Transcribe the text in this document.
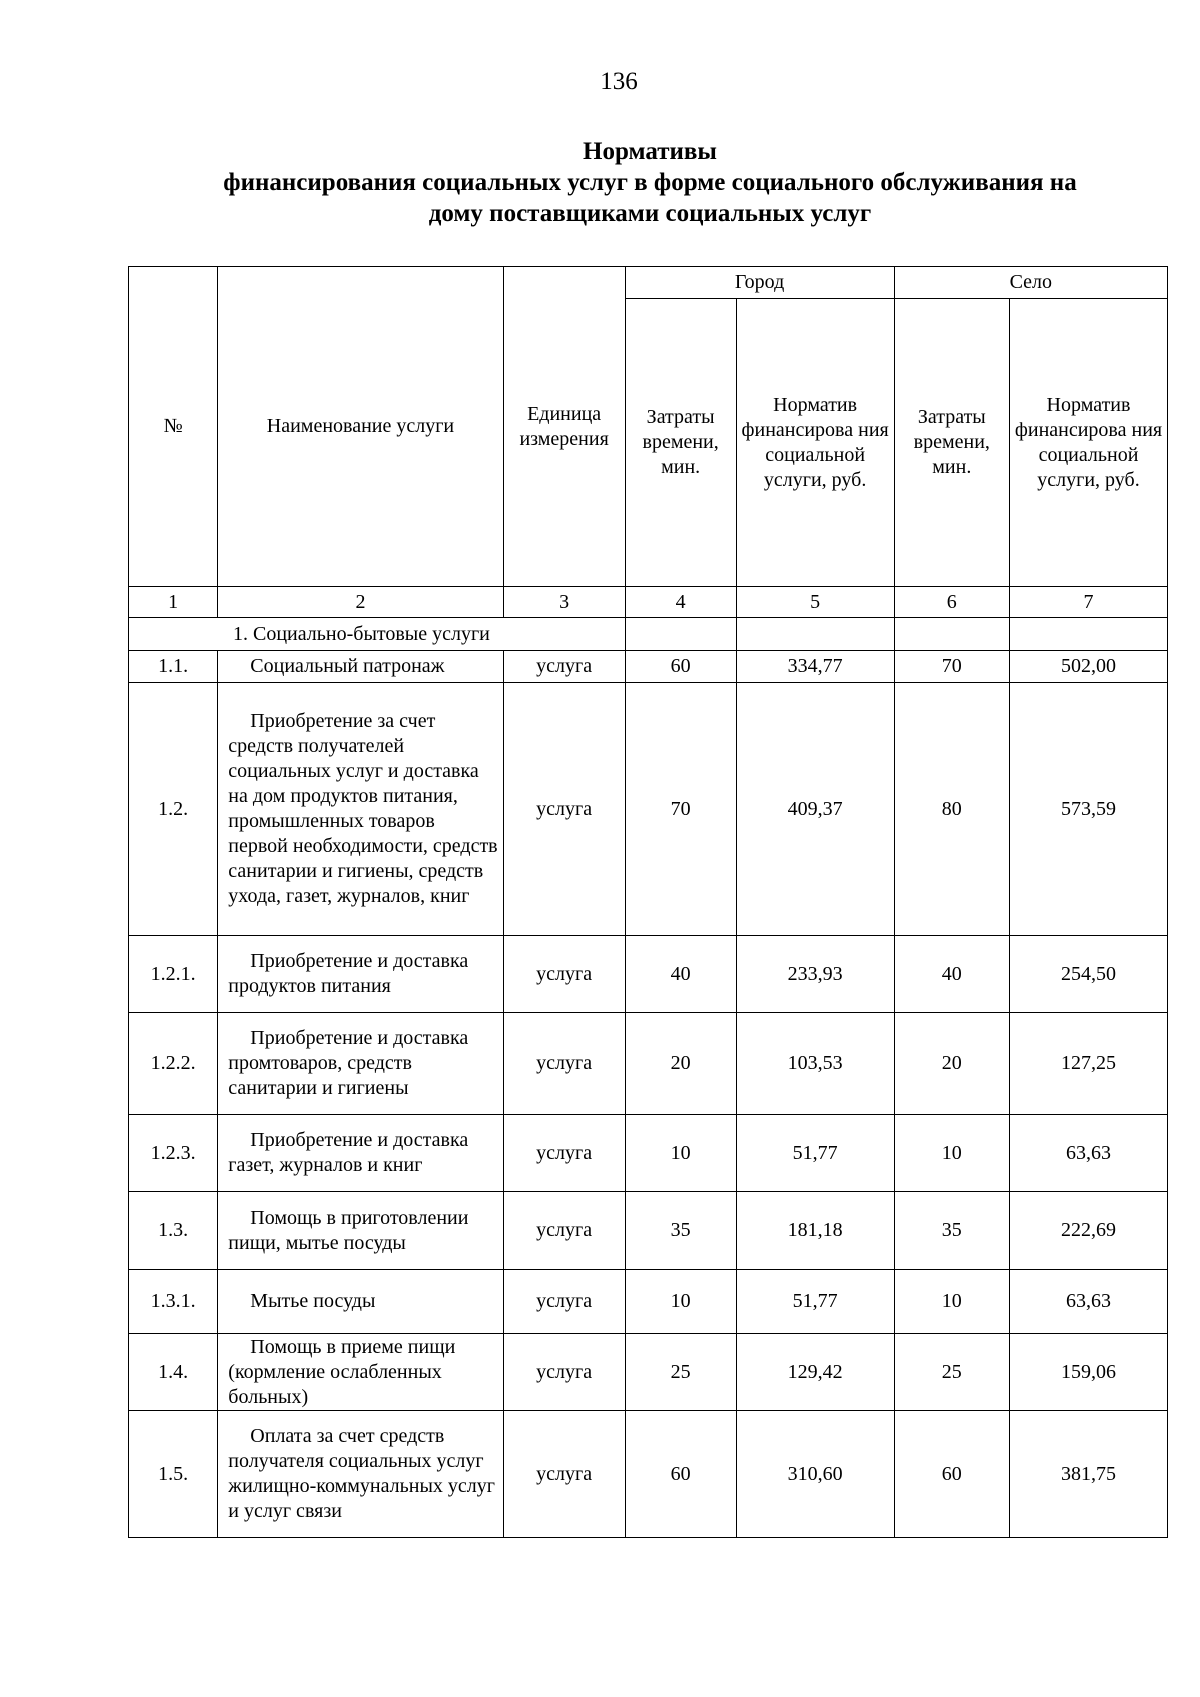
136
Нормативы
финансирования социальных услуг в форме социального обслуживания на
дому поставщиками социальных услуг
№	Наименование услуги	Единица измерения	Город		Село	
			Затраты времени, мин.	Норматив финансирова ния социальной услуги, руб.	Затраты времени, мин.	Норматив финансирова ния социальной услуги, руб.
1	2	3	4	5	6	7
1. Социально-бытовые услуги						
1.1.	Социальный патронаж	услуга	60	334,77	70	502,00
1.2.	Приобретение за счет средств получателей социальных услуг и доставка на дом продуктов питания, промышленных товаров первой необходимости, средств санитарии и гигиены, средств ухода, газет, журналов, книг	услуга	70	409,37	80	573,59
1.2.1.	Приобретение и доставка продуктов питания	услуга	40	233,93	40	254,50
1.2.2.	Приобретение и доставка промтоваров, средств санитарии и гигиены	услуга	20	103,53	20	127,25
1.2.3.	Приобретение и доставка газет, журналов и книг	услуга	10	51,77	10	63,63
1.3.	Помощь в приготовлении пищи, мытье посуды	услуга	35	181,18	35	222,69
1.3.1.	Мытье посуды	услуга	10	51,77	10	63,63
1.4.	Помощь в приеме пищи (кормление ослабленных больных)	услуга	25	129,42	25	159,06
1.5.	Оплата за счет средств получателя социальных услуг жилищно-коммунальных услуг и услуг связи	услуга	60	310,60	60	381,75
